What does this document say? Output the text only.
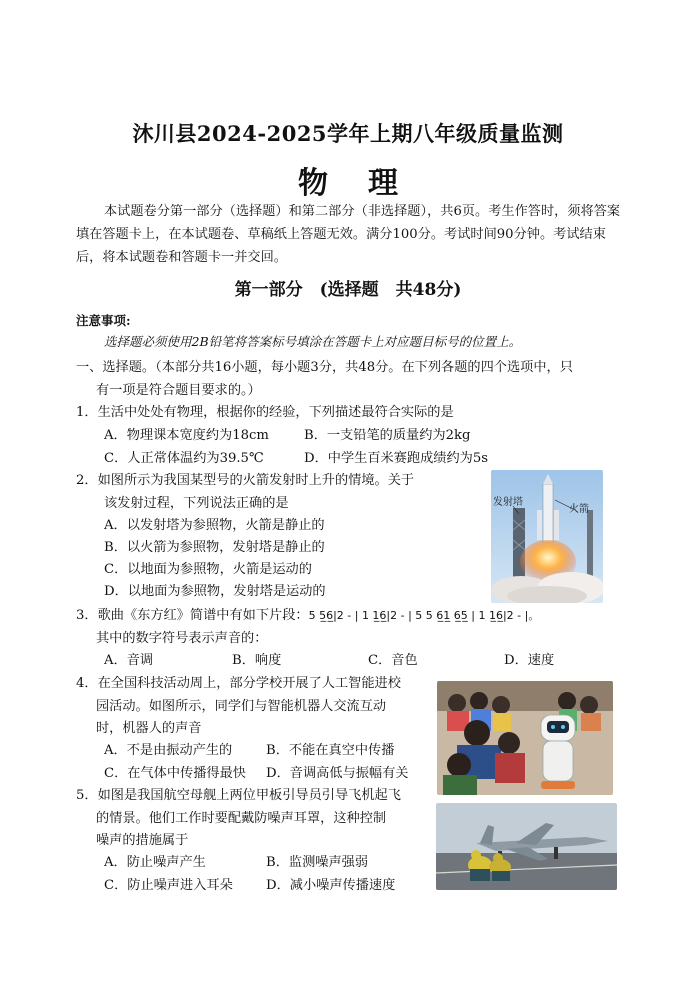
沐川县2024-2025学年上期八年级质量监测
物理
本试题卷分第一部分（选择题）和第二部分（非选择题），共6页。考生作答时，须将答案填在答题卡上，在本试题卷、草稿纸上答题无效。满分100分。考试时间90分钟。考试结束后，将本试题卷和答题卡一并交回。
第一部分　(选择题　共48分)
注意事项:
选择题必须使用2B铅笔将答案标号填涂在答题卡上对应题目标号的位置上。
一、选择题。（本部分共16小题，每小题3分，共48分。在下列各题的四个选项中，只
有一项是符合题目要求的。）
1．生活中处处有物理，根据你的经验，下列描述最符合实际的是
A．物理课本宽度约为18cm	B．一支铅笔的质量约为2kg
C．人正常体温约为39.5℃	D．中学生百米赛跑成绩约为5s
2．如图所示为我国某型号的火箭发射时上升的情境。关于
该发射过程，下列说法正确的是
A．以发射塔为参照物，火箭是静止的
B．以火箭为参照物，发射塔是静止的
C．以地面为参照物，火箭是运动的
D．以地面为参照物，发射塔是运动的
发射塔
火箭
3．歌曲《东方红》简谱中有如下片段：5 5̲6̲|2 - | 1 1̲6̲|2 - | 5 5 6̲1̲ 6̲5̲ | 1 1̲6̲|2 - |。
其中的数字符号表示声音的：
A．音调	B．响度	C．音色	D．速度
4．在全国科技活动周上，部分学校开展了人工智能进校
园活动。如图所示，同学们与智能机器人交流互动
时，机器人的声音
A．不是由振动产生的	B．不能在真空中传播
C．在气体中传播得最快 D．音调高低与振幅有关
5．如图是我国航空母舰上两位甲板引导员引导飞机起飞
的情景。他们工作时要配戴防噪声耳罩，这种控制
噪声的措施属于
A．防止噪声产生	B．监测噪声强弱
C．防止噪声进入耳朵	D．减小噪声传播速度
